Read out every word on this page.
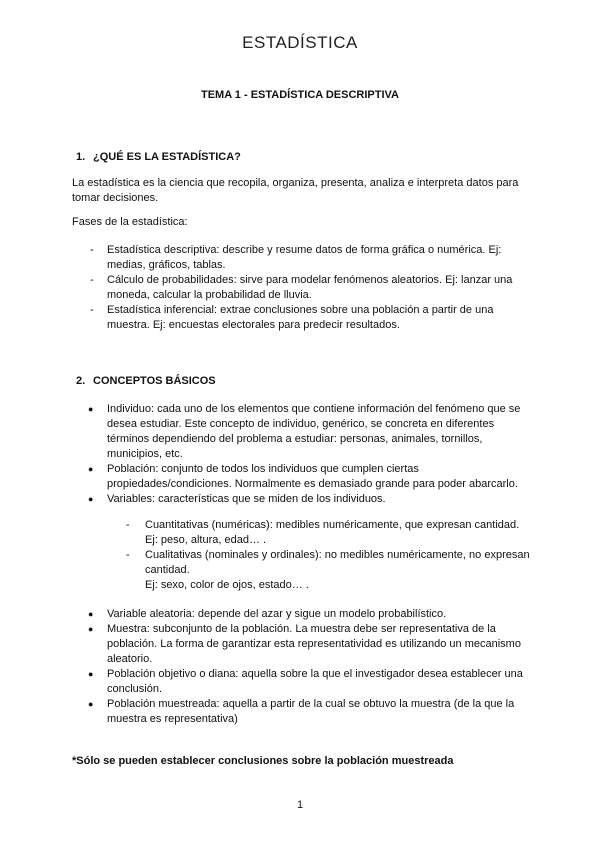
ESTADÍSTICA
TEMA 1 - ESTADÍSTICA DESCRIPTIVA
1. ¿QUÉ ES LA ESTADÍSTICA?
La estadística es la ciencia que recopila, organiza, presenta, analiza e interpreta datos para tomar decisiones.
Fases de la estadística:
- Estadística descriptiva: describe y resume datos de forma gráfica o numérica. Ej: medias, gráficos, tablas.
- Cálculo de probabilidades: sirve para modelar fenómenos aleatorios. Ej: lanzar una moneda, calcular la probabilidad de lluvia.
- Estadística inferencial: extrae conclusiones sobre una población a partir de una muestra. Ej: encuestas electorales para predecir resultados.
2. CONCEPTOS BÁSICOS
● Individuo: cada uno de los elementos que contiene información del fenómeno que se desea estudiar. Este concepto de individuo, genérico, se concreta en diferentes términos dependiendo del problema a estudiar: personas, animales, tornillos, municipios, etc.
● Población: conjunto de todos los individuos que cumplen ciertas propiedades/condiciones. Normalmente es demasiado grande para poder abarcarlo.
● Variables: características que se miden de los individuos.
- Cuantitativas (numéricas): medibles numéricamente, que expresan cantidad.
Ej: peso, altura, edad… .
- Cualitativas (nominales y ordinales): no medibles numéricamente, no expresan cantidad.
Ej: sexo, color de ojos, estado… .
● Variable aleatoria: depende del azar y sigue un modelo probabilístico.
● Muestra: subconjunto de la población. La muestra debe ser representativa de la población. La forma de garantizar esta representatividad es utilizando un mecanismo aleatorio.
● Población objetivo o diana: aquella sobre la que el investigador desea establecer una conclusión.
● Población muestreada: aquella a partir de la cual se obtuvo la muestra (de la que la muestra es representativa)
*Sólo se pueden establecer conclusiones sobre la población muestreada
1
